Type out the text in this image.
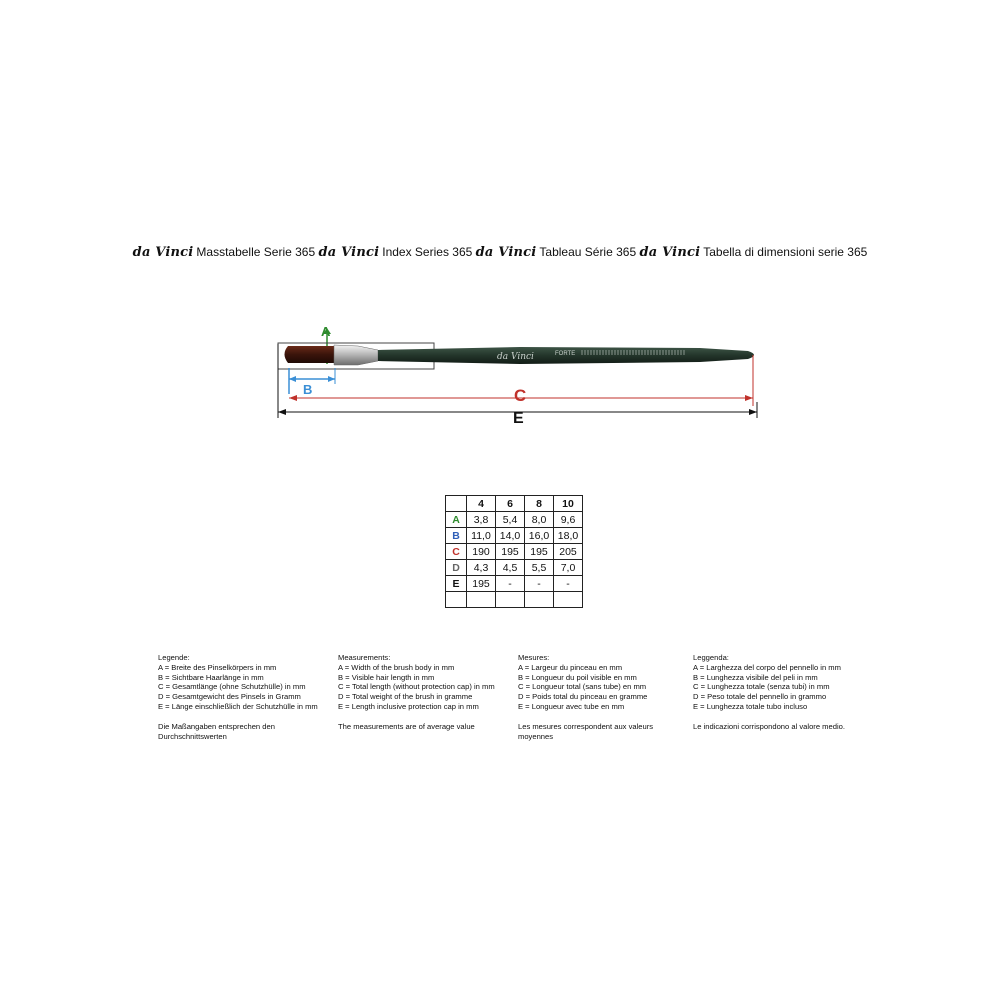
da Vinci Masstabelle Serie 365 da Vinci Index Series 365 da Vinci Tableau Série 365 da Vinci Tabella di dimensioni serie 365
A
da Vinci	FORTE
B	C
E
	4	6	8	10
A	3,8	5,4	8,0	9,6
B	11,0	14,0	16,0	18,0
C	190	195	195	205
D	4,3	4,5	5,5	7,0
E	195	-	-	-

Legende:
A = Breite des Pinselkörpers in mm
B = Sichtbare Haarlänge in mm
C = Gesamtlänge (ohne Schutzhülle) in mm
D = Gesamtgewicht des Pinsels in Gramm
E = Länge einschließlich der Schutzhülle in mm
Die Maßangaben entsprechen den Durchschnittswerten
Measurements:
A = Width of the brush body in mm
B = Visible hair length in mm
C = Total length (without protection cap) in mm
D = Total weight of the brush in gramme
E = Length inclusive protection cap in mm
The measurements are of average value
Mesures:
A = Largeur du pinceau en mm
B = Longueur du poil visible en mm
C = Longueur total (sans tube) en mm
D = Poids total du pinceau en gramme
E = Longueur avec tube en mm
Les mesures correspondent aux valeurs moyennes
Leggenda:
A = Larghezza del corpo del pennello in mm
B = Lunghezza visibile del peli in mm
C = Lunghezza totale (senza tubi) in mm
D = Peso totale del pennello in grammo
E = Lunghezza totale tubo incluso
Le indicazioni corrispondono al valore medio.
